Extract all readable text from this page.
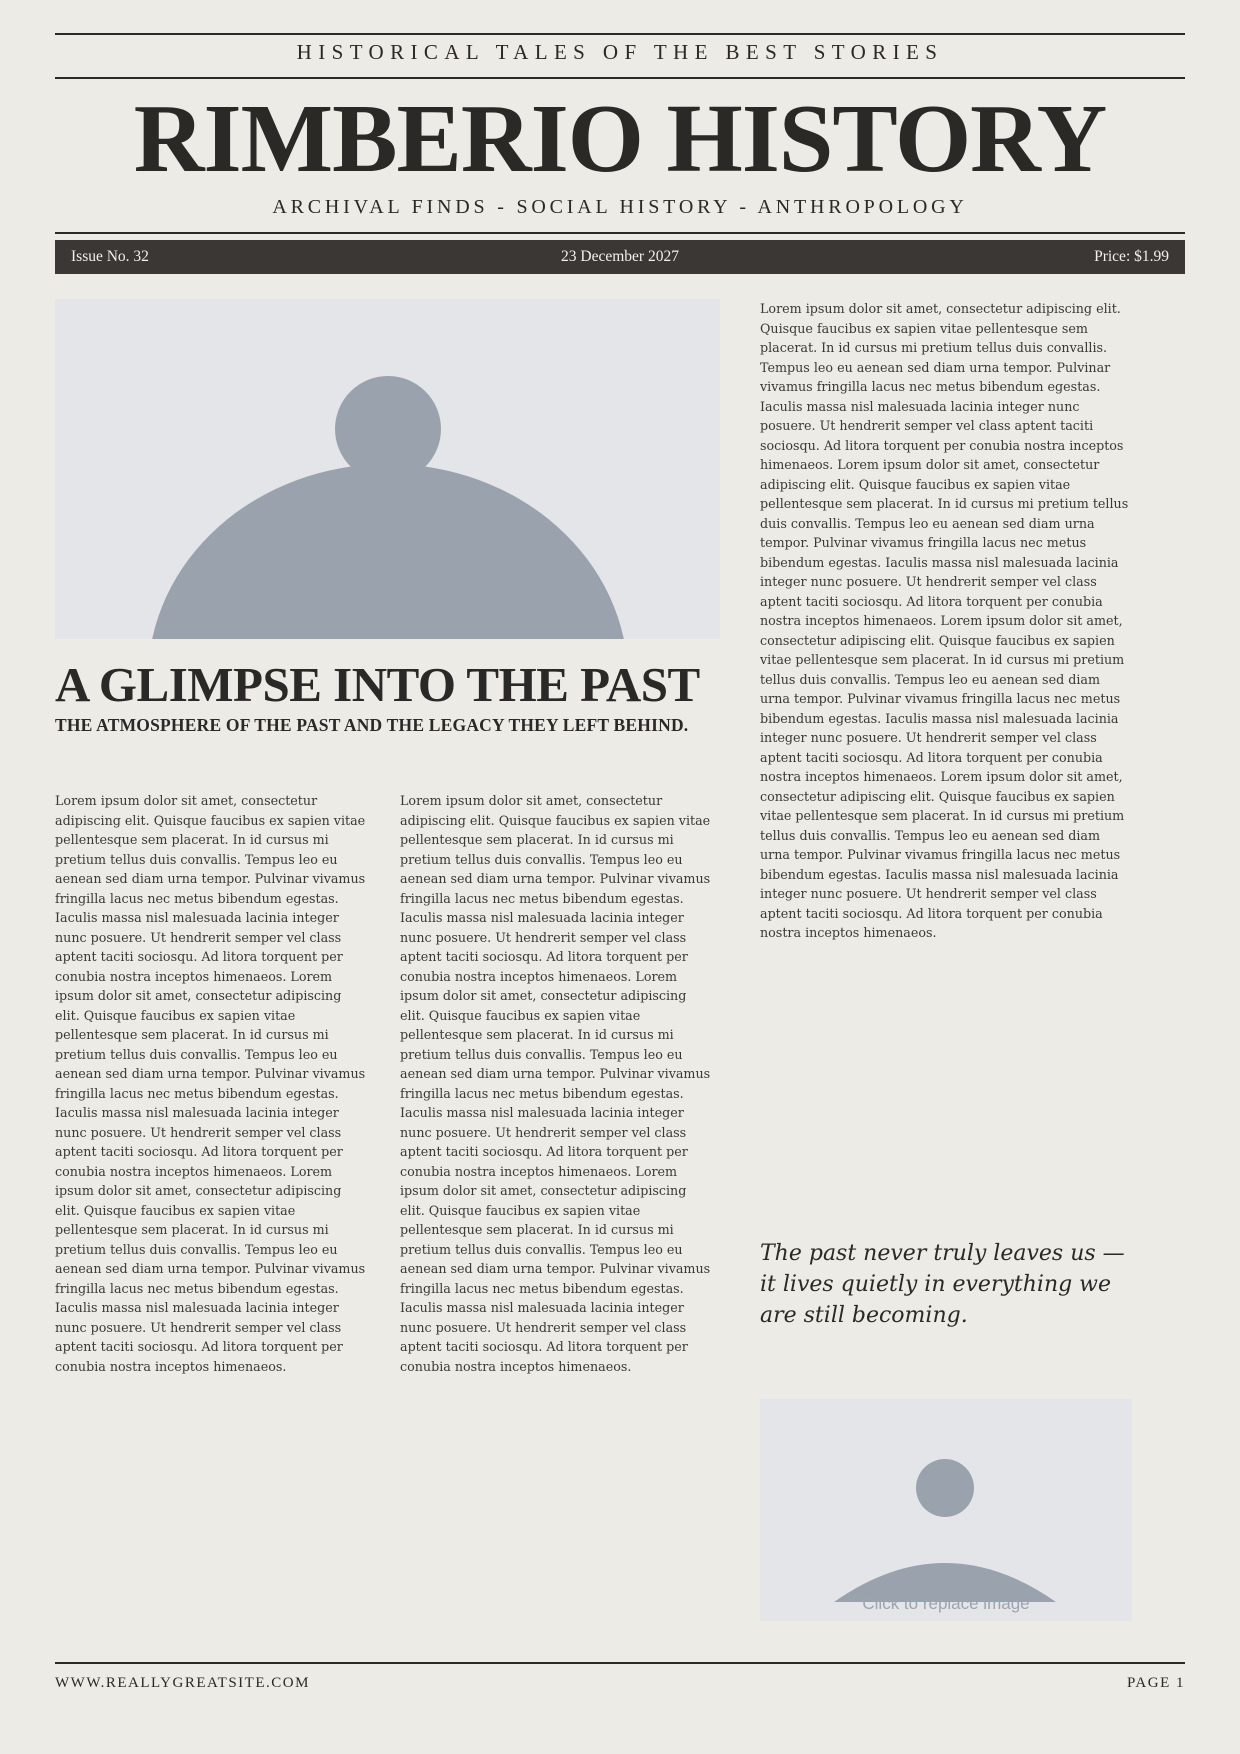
HISTORICAL TALES OF THE BEST STORIES
RIMBERIO HISTORY
ARCHIVAL FINDS - SOCIAL HISTORY - ANTHROPOLOGY
Issue No. 32	23 December 2027	Price: $1.99
A GLIMPSE INTO THE PAST
THE ATMOSPHERE OF THE PAST AND THE LEGACY THEY LEFT BEHIND.

Lorem ipsum dolor sit amet, consectetur adipiscing elit. Quisque faucibus ex sapien vitae pellentesque sem placerat. In id cursus mi pretium tellus duis convallis. Tempus leo eu aenean sed diam urna tempor. Pulvinar vivamus fringilla lacus nec metus bibendum egestas. Iaculis massa nisl malesuada lacinia integer nunc posuere. Ut hendrerit semper vel class aptent taciti sociosqu. Ad litora torquent per conubia nostra inceptos himenaeos. Lorem ipsum dolor sit amet, consectetur adipiscing elit. Quisque faucibus ex sapien vitae pellentesque sem placerat. In id cursus mi pretium tellus duis convallis. Tempus leo eu aenean sed diam urna tempor. Pulvinar vivamus fringilla lacus nec metus bibendum egestas. Iaculis massa nisl malesuada lacinia integer nunc posuere. Ut hendrerit semper vel class aptent taciti sociosqu. Ad litora torquent per conubia nostra inceptos himenaeos. Lorem ipsum dolor sit amet, consectetur adipiscing elit. Quisque faucibus ex sapien vitae pellentesque sem placerat. In id cursus mi pretium tellus duis convallis. Tempus leo eu aenean sed diam urna tempor. Pulvinar vivamus fringilla lacus nec metus bibendum egestas. Iaculis massa nisl malesuada lacinia integer nunc posuere. Ut hendrerit semper vel class aptent taciti sociosqu. Ad litora torquent per conubia nostra inceptos himenaeos.

Lorem ipsum dolor sit amet, consectetur adipiscing elit. Quisque faucibus ex sapien vitae pellentesque sem placerat. In id cursus mi pretium tellus duis convallis. Tempus leo eu aenean sed diam urna tempor. Pulvinar vivamus fringilla lacus nec metus bibendum egestas. Iaculis massa nisl malesuada lacinia integer nunc posuere. Ut hendrerit semper vel class aptent taciti sociosqu. Ad litora torquent per conubia nostra inceptos himenaeos. Lorem ipsum dolor sit amet, consectetur adipiscing elit. Quisque faucibus ex sapien vitae pellentesque sem placerat. In id cursus mi pretium tellus duis convallis. Tempus leo eu aenean sed diam urna tempor. Pulvinar vivamus fringilla lacus nec metus bibendum egestas. Iaculis massa nisl malesuada lacinia integer nunc posuere. Ut hendrerit semper vel class aptent taciti sociosqu. Ad litora torquent per conubia nostra inceptos himenaeos. Lorem ipsum dolor sit amet, consectetur adipiscing elit. Quisque faucibus ex sapien vitae pellentesque sem placerat. In id cursus mi pretium tellus duis convallis. Tempus leo eu aenean sed diam urna tempor. Pulvinar vivamus fringilla lacus nec metus bibendum egestas. Iaculis massa nisl malesuada lacinia integer nunc posuere. Ut hendrerit semper vel class aptent taciti sociosqu. Ad litora torquent per conubia nostra inceptos himenaeos.

Lorem ipsum dolor sit amet, consectetur adipiscing elit. Quisque faucibus ex sapien vitae pellentesque sem placerat. In id cursus mi pretium tellus duis convallis. Tempus leo eu aenean sed diam urna tempor. Pulvinar vivamus fringilla lacus nec metus bibendum egestas. Iaculis massa nisl malesuada lacinia integer nunc posuere. Ut hendrerit semper vel class aptent taciti sociosqu. Ad litora torquent per conubia nostra inceptos himenaeos. Lorem ipsum dolor sit amet, consectetur adipiscing elit. Quisque faucibus ex sapien vitae pellentesque sem placerat. In id cursus mi pretium tellus duis convallis. Tempus leo eu aenean sed diam urna tempor. Pulvinar vivamus fringilla lacus nec metus bibendum egestas. Iaculis massa nisl malesuada lacinia integer nunc posuere. Ut hendrerit semper vel class aptent taciti sociosqu. Ad litora torquent per conubia nostra inceptos himenaeos. Lorem ipsum dolor sit amet, consectetur adipiscing elit. Quisque faucibus ex sapien vitae pellentesque sem placerat. In id cursus mi pretium tellus duis convallis. Tempus leo eu aenean sed diam urna tempor. Pulvinar vivamus fringilla lacus nec metus bibendum egestas. Iaculis massa nisl malesuada lacinia integer nunc posuere. Ut hendrerit semper vel class aptent taciti sociosqu. Ad litora torquent per conubia nostra inceptos himenaeos. Lorem ipsum dolor sit amet, consectetur adipiscing elit. Quisque faucibus ex sapien vitae pellentesque sem placerat. In id cursus mi pretium tellus duis convallis. Tempus leo eu aenean sed diam urna tempor. Pulvinar vivamus fringilla lacus nec metus bibendum egestas. Iaculis massa nisl malesuada lacinia integer nunc posuere. Ut hendrerit semper vel class aptent taciti sociosqu. Ad litora torquent per conubia nostra inceptos himenaeos.

The past never truly leaves us — it lives quietly in everything we are still becoming.

Click to replace image
WWW.REALLYGREATSITE.COM	PAGE 1
